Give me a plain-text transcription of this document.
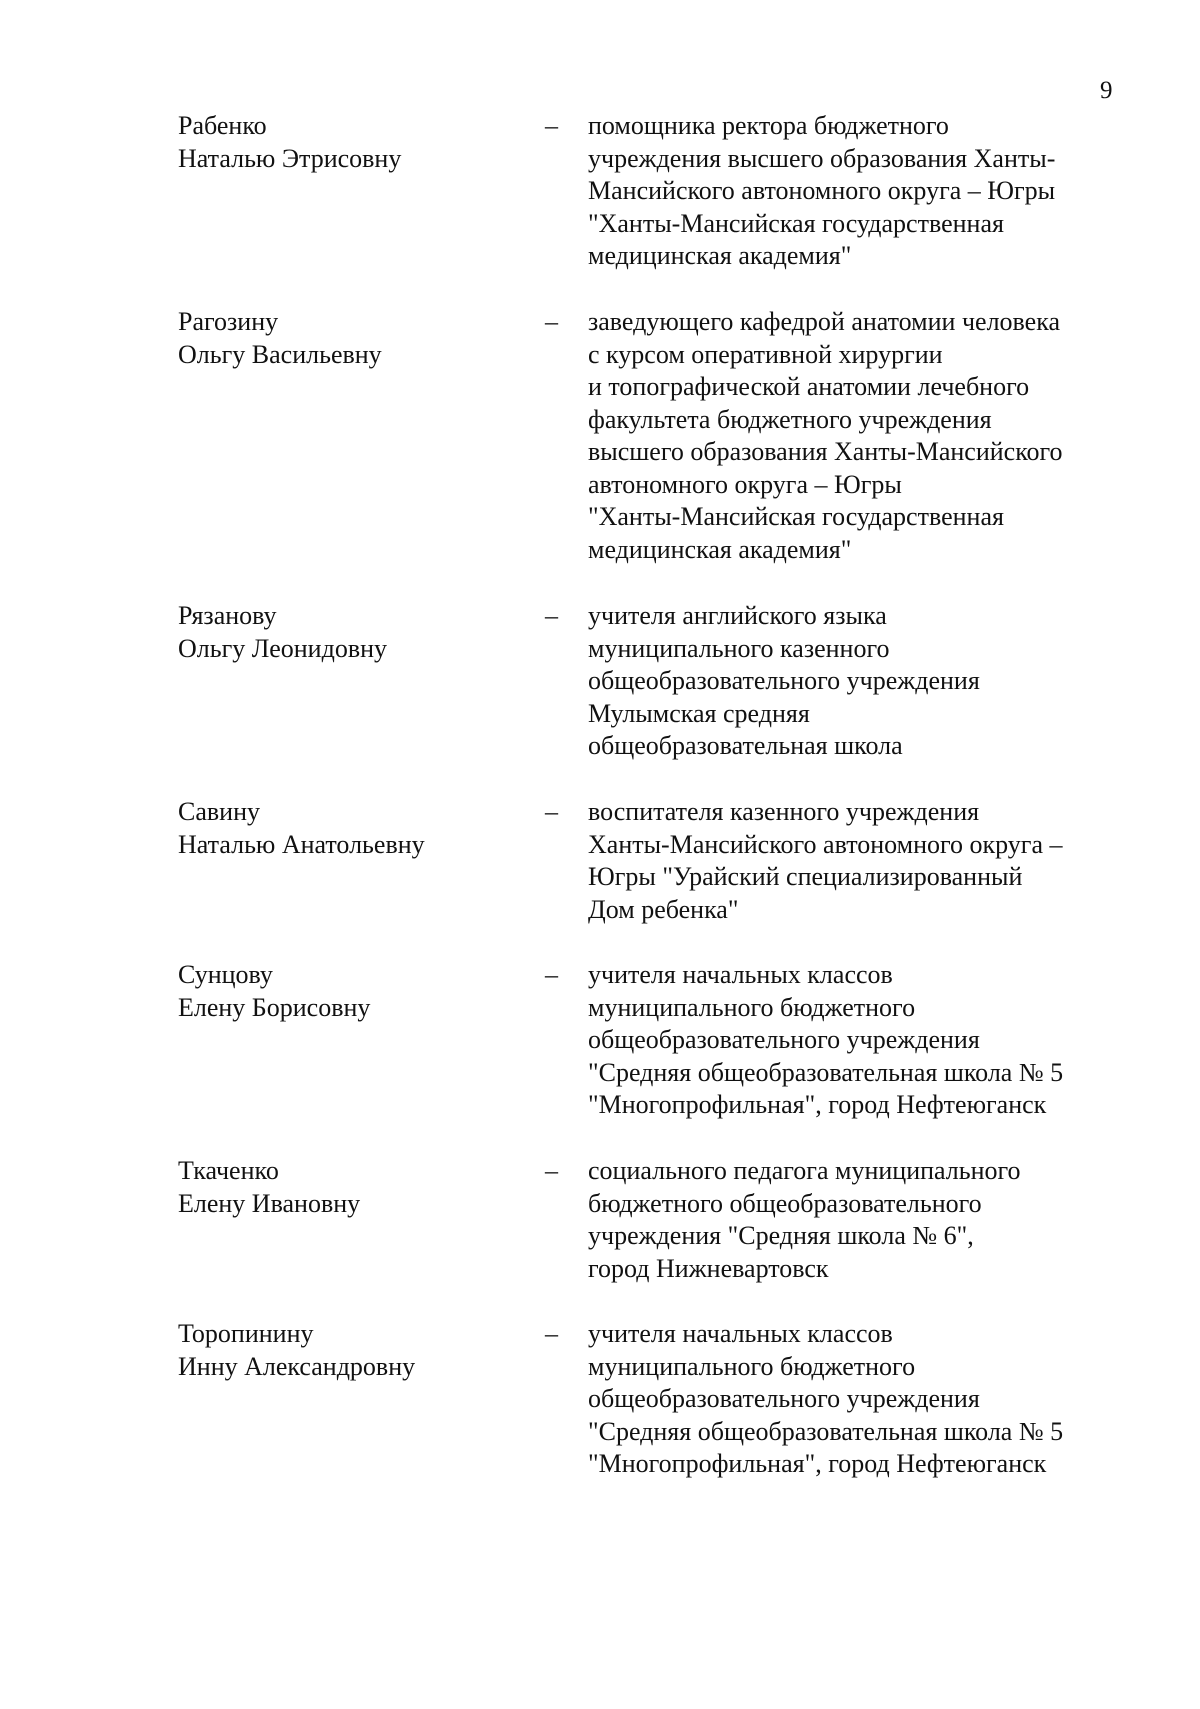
9
Рабенко
Наталью Этрисовну
– помощника ректора бюджетного
учреждения высшего образования Ханты-
Мансийского автономного округа – Югры
"Ханты-Мансийская государственная
медицинская академия"
Рагозину
Ольгу Васильевну
– заведующего кафедрой анатомии человека
с курсом оперативной хирургии
и топографической анатомии лечебного
факультета бюджетного учреждения
высшего образования Ханты-Мансийского
автономного округа – Югры
"Ханты-Мансийская государственная
медицинская академия"
Рязанову
Ольгу Леонидовну
– учителя английского языка
муниципального казенного
общеобразовательного учреждения
Мулымская средняя
общеобразовательная школа
Савину
Наталью Анатольевну
– воспитателя казенного учреждения
Ханты-Мансийского автономного округа –
Югры "Урайский специализированный
Дом ребенка"
Сунцову
Елену Борисовну
– учителя начальных классов
муниципального бюджетного
общеобразовательного учреждения
"Средняя общеобразовательная школа № 5
"Многопрофильная", город Нефтеюганск
Ткаченко
Елену Ивановну
– социального педагога муниципального
бюджетного общеобразовательного
учреждения "Средняя школа № 6",
город Нижневартовск
Торопинину
Инну Александровну
– учителя начальных классов
муниципального бюджетного
общеобразовательного учреждения
"Средняя общеобразовательная школа № 5
"Многопрофильная", город Нефтеюганск
